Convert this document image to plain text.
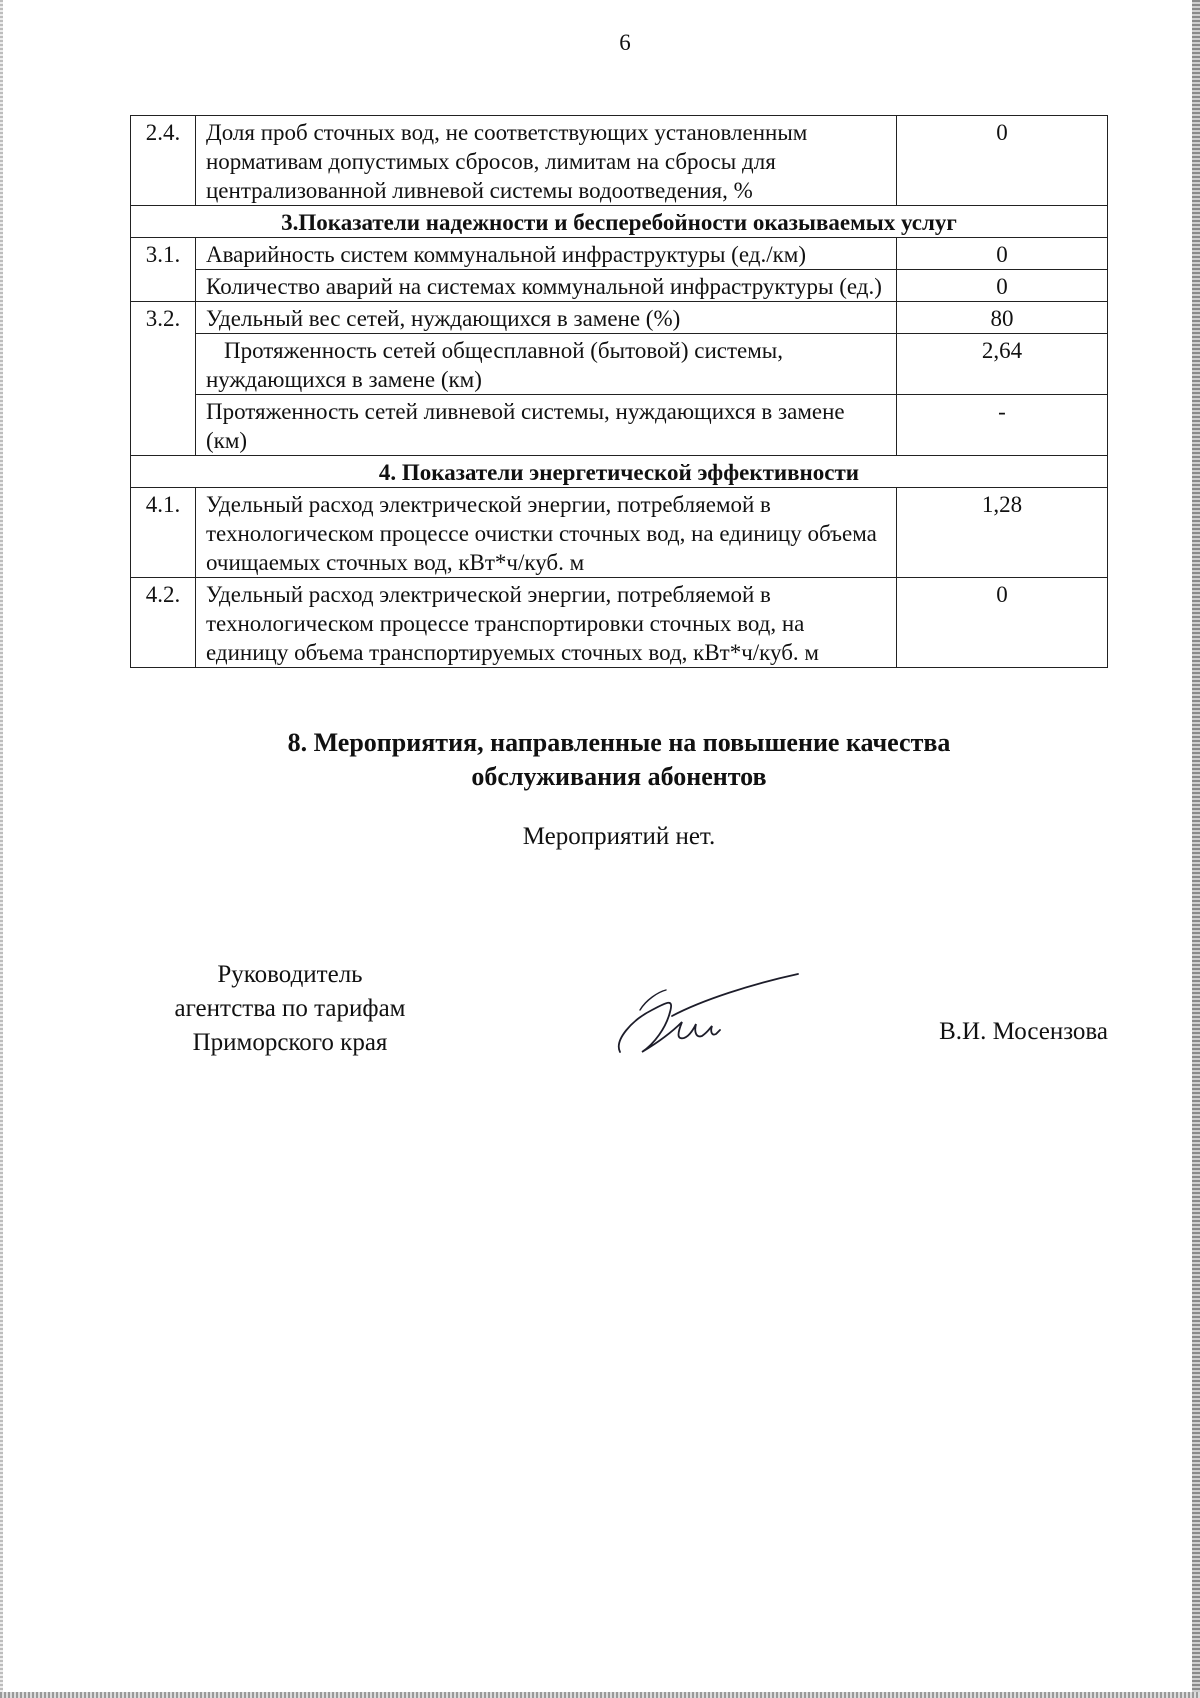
6
2.4.	Доля проб сточных вод, не соответствующих установленным нормативам допустимых сбросов, лимитам на сбросы для централизованной ливневой системы водоотведения, %	0
3.Показатели надежности и бесперебойности оказываемых услуг		
3.1.	Аварийность систем коммунальной инфраструктуры (ед./км)	0
	Количество аварий на системах коммунальной инфраструктуры (ед.)	0
3.2.	Удельный вес сетей, нуждающихся в замене (%)	80
	Протяженность сетей общесплавной (бытовой) системы, нуждающихся в замене (км)	2,64
	Протяженность сетей ливневой системы, нуждающихся в замене (км)	-
4. Показатели энергетической эффективности		
4.1.	Удельный расход электрической энергии, потребляемой в технологическом процессе очистки сточных вод, на единицу объема очищаемых сточных вод, кВт*ч/куб. м	1,28
4.2.	Удельный расход электрической энергии, потребляемой в технологическом процессе транспортировки сточных вод, на единицу объема транспортируемых сточных вод, кВт*ч/куб. м	0
8. Мероприятия, направленные на повышение качества
обслуживания абонентов
Мероприятий нет.
Руководитель
агентства по тарифам
Приморского края	В.И. Мосензова
